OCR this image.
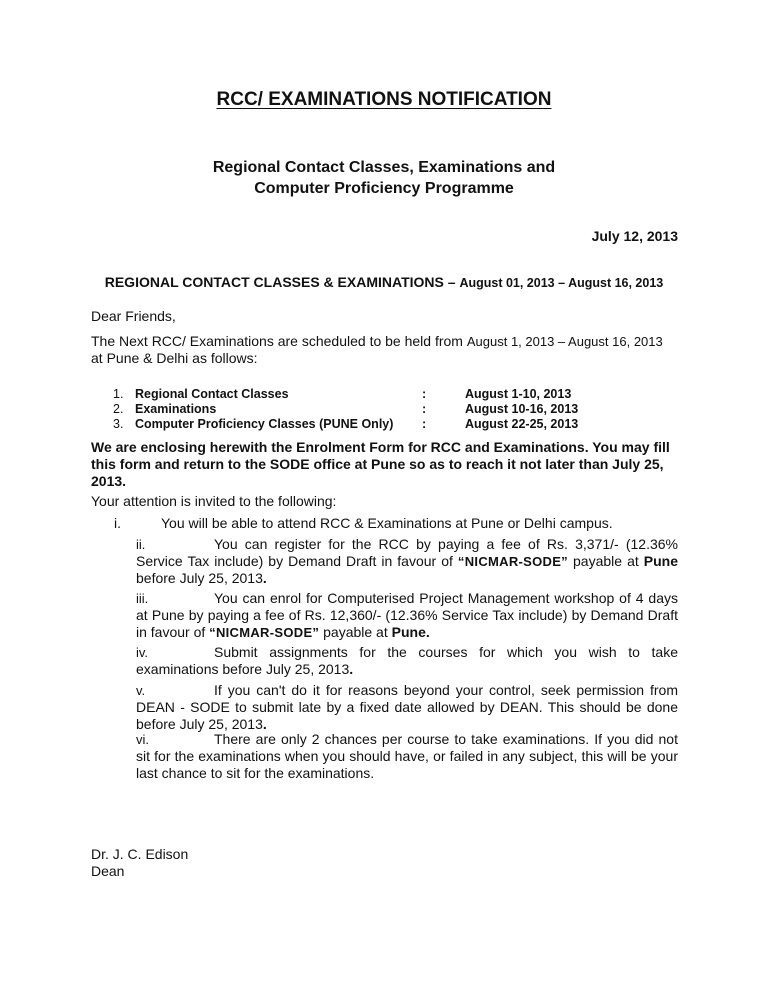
RCC/ EXAMINATIONS NOTIFICATION
Regional Contact Classes, Examinations and
Computer Proficiency Programme
July 12, 2013
REGIONAL CONTACT CLASSES & EXAMINATIONS – August 01, 2013 – August 16, 2013
Dear Friends,
The Next RCC/ Examinations are scheduled to be held from August 1, 2013 – August 16, 2013 at Pune & Delhi as follows:
1. Regional Contact Classes	:	August 1-10, 2013
2. Examinations	:	August 10-16, 2013
3. Computer Proficiency Classes (PUNE Only) :	August 22-25, 2013
We are enclosing herewith the Enrolment Form for RCC and Examinations. You may fill this form and return to the SODE office at Pune so as to reach it not later than July 25, 2013.
Your attention is invited to the following:
i.	You will be able to attend RCC & Examinations at Pune or Delhi campus.
ii.	You can register for the RCC by paying a fee of Rs. 3,371/- (12.36% Service Tax include) by Demand Draft in favour of “NICMAR-SODE” payable at Pune before July 25, 2013.
iii.	You can enrol for Computerised Project Management workshop of 4 days at Pune by paying a fee of Rs. 12,360/- (12.36% Service Tax include) by Demand Draft in favour of “NICMAR-SODE” payable at Pune.
iv.	Submit assignments for the courses for which you wish to take examinations before July 25, 2013.
v.	If you can't do it for reasons beyond your control, seek permission from DEAN - SODE to submit late by a fixed date allowed by DEAN. This should be done before July 25, 2013.
vi.	There are only 2 chances per course to take examinations. If you did not sit for the examinations when you should have, or failed in any subject, this will be your last chance to sit for the examinations.
Dr. J. C. Edison
Dean
